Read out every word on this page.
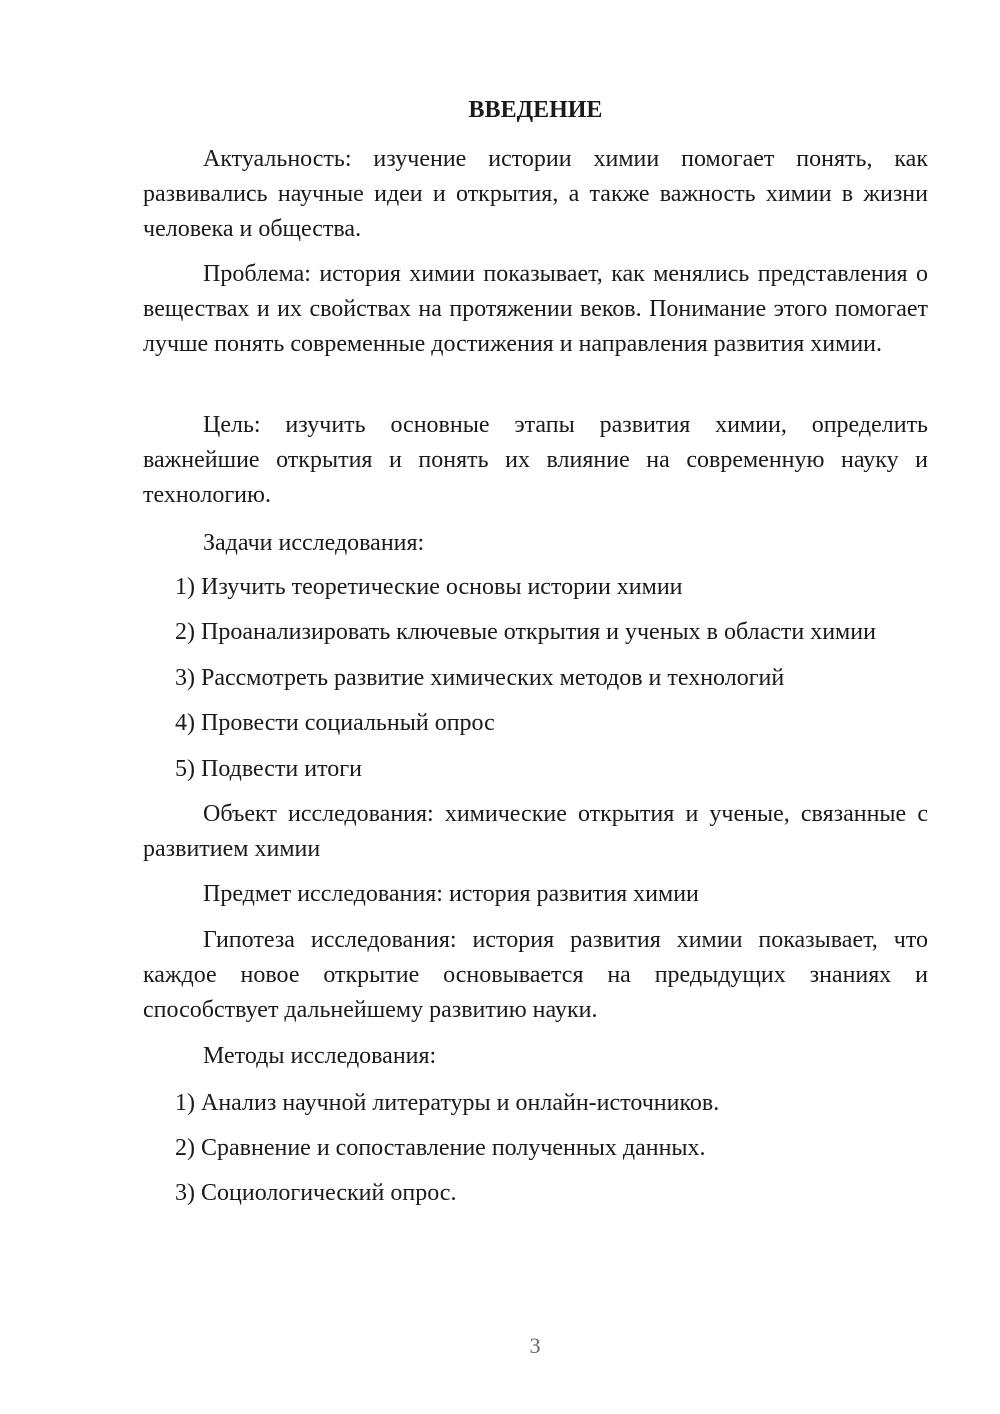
ВВЕДЕНИЕ

Актуальность: изучение истории химии помогает понять, как развивались научные идеи и открытия, а также важность химии в жизни человека и общества.

Проблема: история химии показывает, как менялись представления о веществах и их свойствах на протяжении веков. Понимание этого помогает лучше понять современные достижения и направления развития химии.

Цель: изучить основные этапы развития химии, определить важнейшие открытия и понять их влияние на современную науку и технологию.

Задачи исследования:

1) Изучить теоретические основы истории химии

2) Проанализировать ключевые открытия и ученых в области химии

3) Рассмотреть развитие химических методов и технологий

4) Провести социальный опрос

5) Подвести итоги

Объект исследования: химические открытия и ученые, связанные с развитием химии

Предмет исследования: история развития химии

Гипотеза исследования: история развития химии показывает, что каждое новое открытие основывается на предыдущих знаниях и способствует дальнейшему развитию науки.

Методы исследования:

1) Анализ научной литературы и онлайн-источников.

2) Сравнение и сопоставление полученных данных.

3) Социологический опрос.

3
